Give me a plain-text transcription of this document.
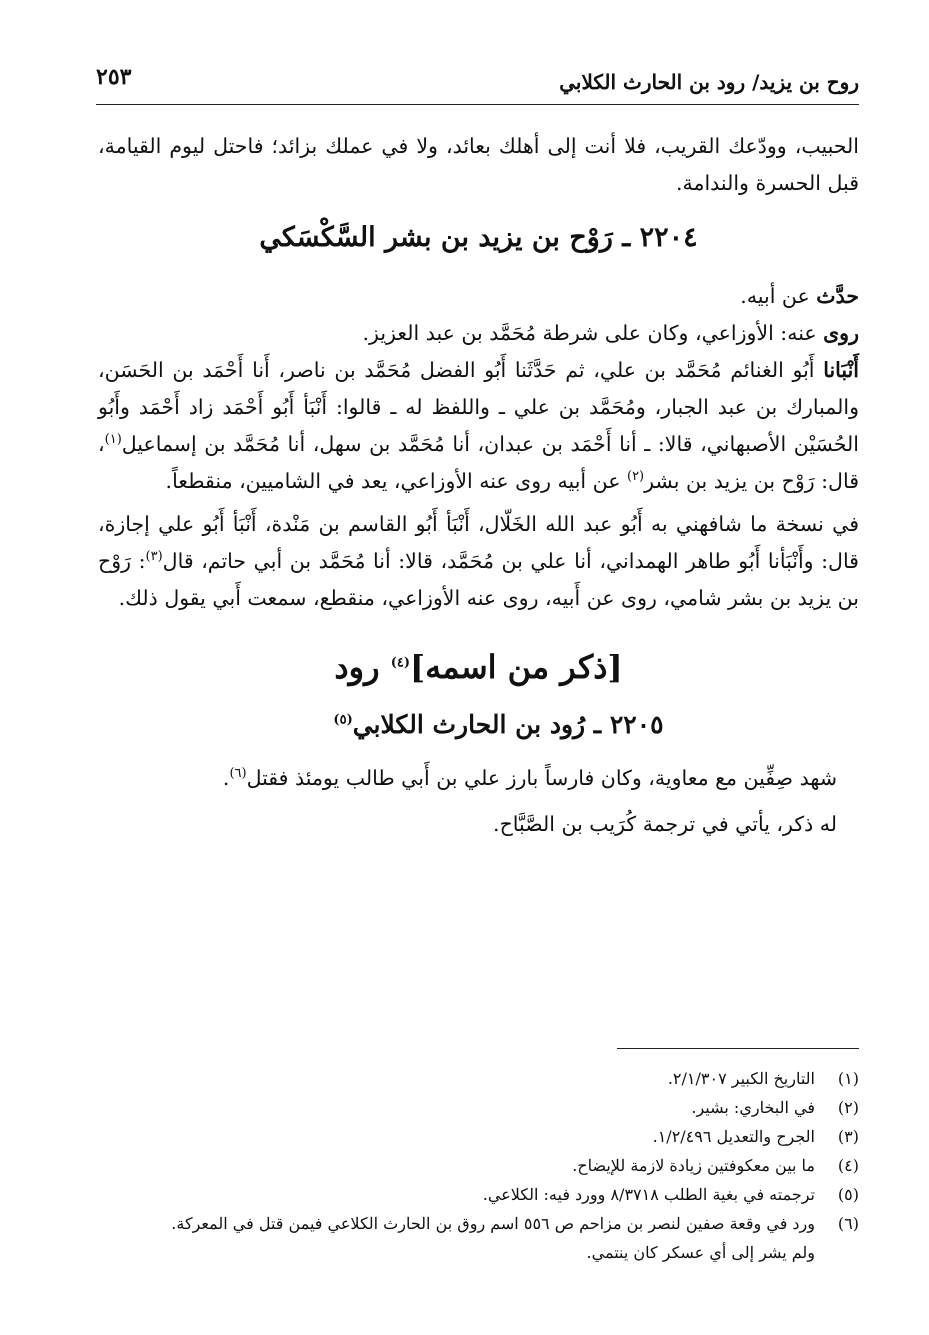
روح بن يزيد/ رود بن الحارث الكلابي
٢٥٣

الحبيب، وودّعك القريب، فلا أنت إلى أهلك بعائد، ولا في عملك بزائد؛ فاحتل ليوم القيامة، قبل الحسرة والندامة.

٢٢٠٤ ـ رَوْح بن يزيد بن بشر السَّكْسَكي

حدَّث عن أبيه.

روى عنه: الأوزاعي، وكان على شرطة مُحَمَّد بن عبد العزيز.

أَنْبَانا أَبُو الغنائم مُحَمَّد بن علي، ثم حَدَّثَنا أَبُو الفضل مُحَمَّد بن ناصر، أَنا أَحْمَد بن الحَسَن، والمبارك بن عبد الجبار، ومُحَمَّد بن علي ـ واللفظ له ـ قالوا: أَنْبَأ أَبُو أَحْمَد زاد أَحْمَد وأَبُو الحُسَيْن الأصبهاني، قالا: ـ أنا أَحْمَد بن عبدان، أنا مُحَمَّد بن سهل، أنا مُحَمَّد بن إسماعيل$^{(١)}$، قال: رَوْح بن يزيد بن بشر$^{(٢)}$ عن أبيه روى عنه الأوزاعي، يعد في الشاميين، منقطعاً.

في نسخة ما شافهني به أَبُو عبد الله الخَلّال، أَنْبَأ أَبُو القاسم بن مَنْدة، أَنْبَأ أَبُو علي إجازة، قال: وأَنْبَأنا أَبُو طاهر الهمداني، أنا علي بن مُحَمَّد، قالا: أنا مُحَمَّد بن أبي حاتم، قال$^{(٣)}$: رَوْح بن يزيد بن بشر شامي، روى عن أَبيه، روى عنه الأوزاعي، منقطع، سمعت أَبي يقول ذلك.

[ذكر من اسمه]$^{(٤)}$ رود
٢٢٠٥ ـ رُود بن الحارث الكلابي$^{(٥)}$

شهد صِفِّين مع معاوية، وكان فارساً بارز علي بن أَبي طالب يومئذ فقتل$^{(٦)}$.

له ذكر، يأتي في ترجمة كُرَيب بن الصَّبَّاح.

(١)
التاريخ الكبير ٢/١/٣٠٧.

(٢)
في البخاري: بشير.

(٣)
الجرح والتعديل ١/٢/٤٩٦.

(٤)
ما بين معكوفتين زيادة لازمة للإيضاح.

(٥)
ترجمته في بغية الطلب ٨/٣٧١٨ وورد فيه: الكلاعي.

(٦)
ورد في وقعة صفين لنصر بن مزاحم ص ٥٥٦ اسم روق بن الحارث الكلاعي فيمن قتل في المعركة.

ولم يشر إلى أي عسكر كان ينتمي.
